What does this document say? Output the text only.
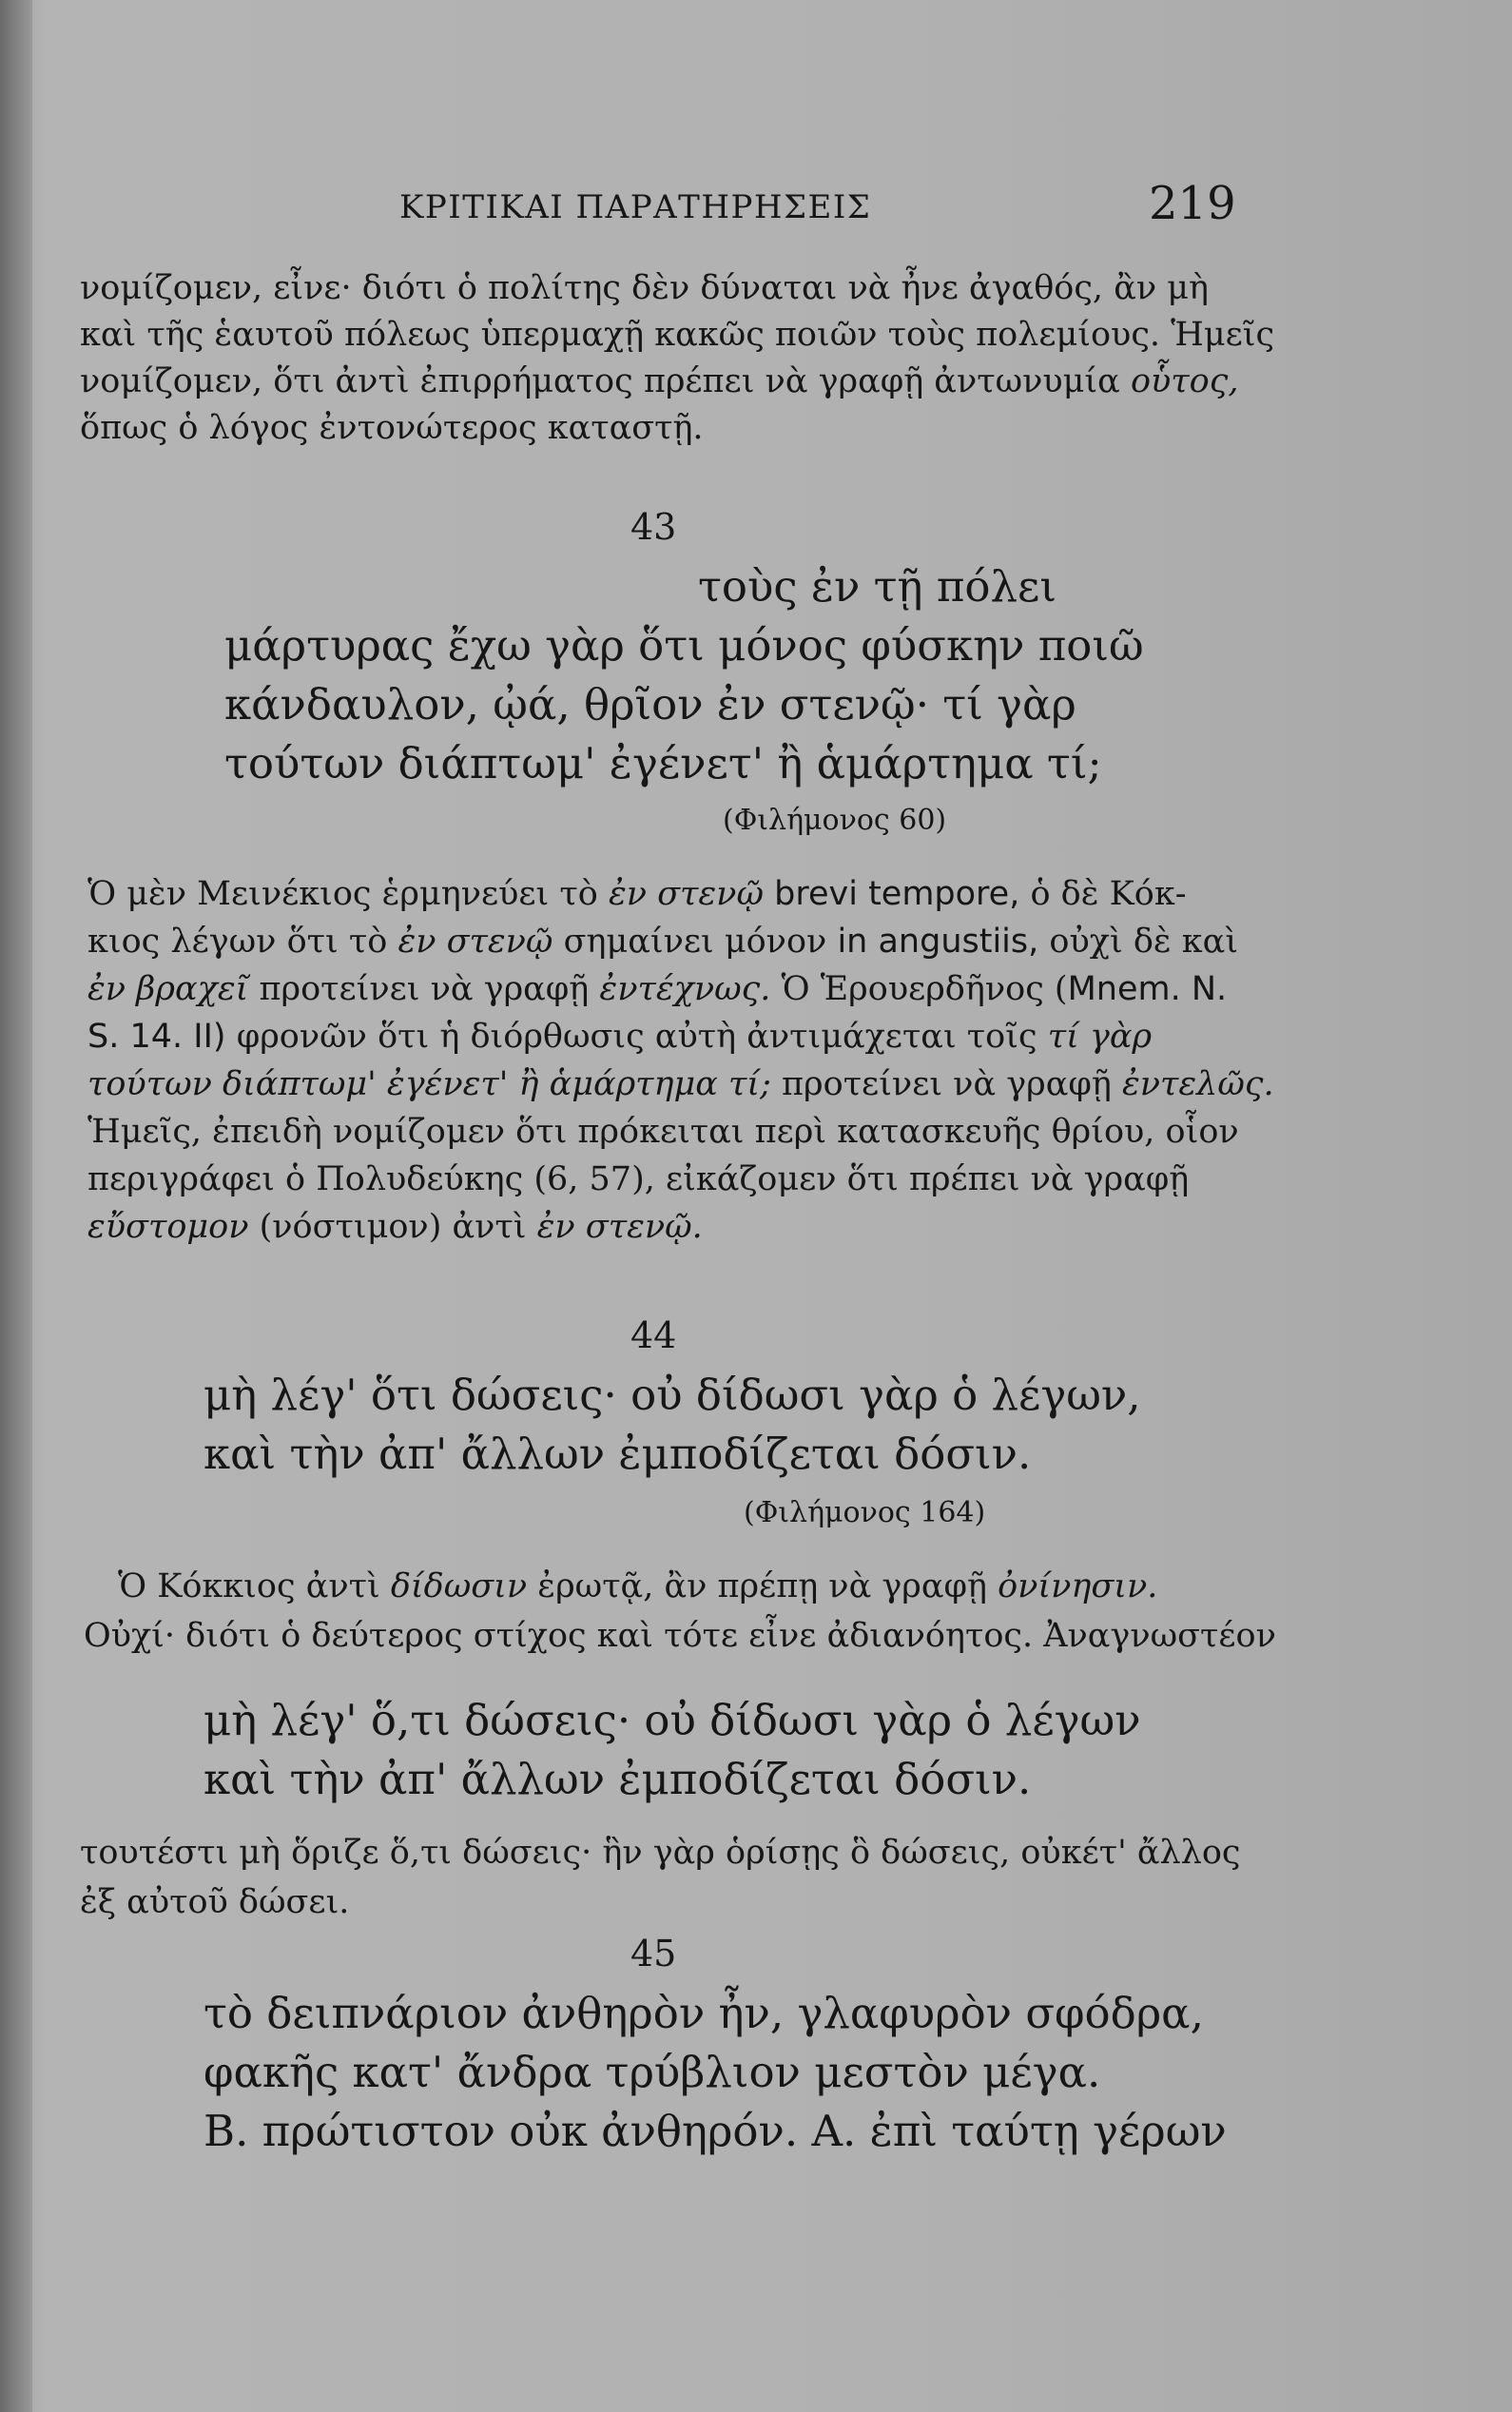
ΚΡΙΤΙΚΑΙ ΠΑΡΑΤΗΡΗΣΕΙΣ	219
νομίζομεν, εἶνε· διότι ὁ πολίτης δὲν δύναται νὰ ἦνε ἀγαθός, ἂν μὴ
καὶ τῆς ἑαυτοῦ πόλεως ὑπερμαχῇ κακῶς ποιῶν τοὺς πολεμίους. Ἡμεῖς
νομίζομεν, ὅτι ἀντὶ ἐπιρρήματος πρέπει νὰ γραφῇ ἀντωνυμία οὗτος,
ὅπως ὁ λόγος ἐντονώτερος καταστῇ.
43
τοὺς ἐν τῇ πόλει
μάρτυρας ἔχω γὰρ ὅτι μόνος φύσκην ποιῶ
κάνδαυλον, ᾠά, θρῖον ἐν στενῷ· τί γὰρ
τούτων διάπτωμ' ἐγένετ' ἢ ἁμάρτημα τί;
(Φιλήμονος 60)
Ὁ μὲν Μεινέκιος ἑρμηνεύει τὸ ἐν στενῷ brevi tempore, ὁ δὲ Κόκ-
κιος λέγων ὅτι τὸ ἐν στενῷ σημαίνει μόνον in angustiis, οὐχὶ δὲ καὶ
ἐν βραχεῖ προτείνει νὰ γραφῇ ἐντέχνως. Ὁ Ἑρουερδῆνος (Mnem. N.
S. 14. II) φρονῶν ὅτι ἡ διόρθωσις αὐτὴ ἀντιμάχεται τοῖς τί γὰρ
τούτων διάπτωμ' ἐγένετ' ἢ ἁμάρτημα τί; προτείνει νὰ γραφῇ ἐντελῶς.
Ἡμεῖς, ἐπειδὴ νομίζομεν ὅτι πρόκειται περὶ κατασκευῆς θρίου, οἷον
περιγράφει ὁ Πολυδεύκης (6, 57), εἰκάζομεν ὅτι πρέπει νὰ γραφῇ
εὔστομον (νόστιμον) ἀντὶ ἐν στενῷ.
44
μὴ λέγ' ὅτι δώσεις· οὐ δίδωσι γὰρ ὁ λέγων,
καὶ τὴν ἀπ' ἄλλων ἐμποδίζεται δόσιν.
(Φιλήμονος 164)
Ὁ Κόκκιος ἀντὶ δίδωσιν ἐρωτᾷ, ἂν πρέπῃ νὰ γραφῇ ὀνίνησιν.
Οὐχί· διότι ὁ δεύτερος στίχος καὶ τότε εἶνε ἀδιανόητος. Ἀναγνωστέον
μὴ λέγ' ὅ,τι δώσεις· οὐ δίδωσι γὰρ ὁ λέγων
καὶ τὴν ἀπ' ἄλλων ἐμποδίζεται δόσιν.
τουτέστι μὴ ὅριζε ὅ,τι δώσεις· ἣν γὰρ ὁρίσῃς ὃ δώσεις, οὐκέτ' ἄλλος
ἐξ αὐτοῦ δώσει.
45
τὸ δειπνάριον ἀνθηρὸν ἦν, γλαφυρὸν σφόδρα,
φακῆς κατ' ἄνδρα τρύβλιον μεστὸν μέγα.
Β. πρώτιστον οὐκ ἀνθηρόν. Α. ἐπὶ ταύτῃ γέρων
